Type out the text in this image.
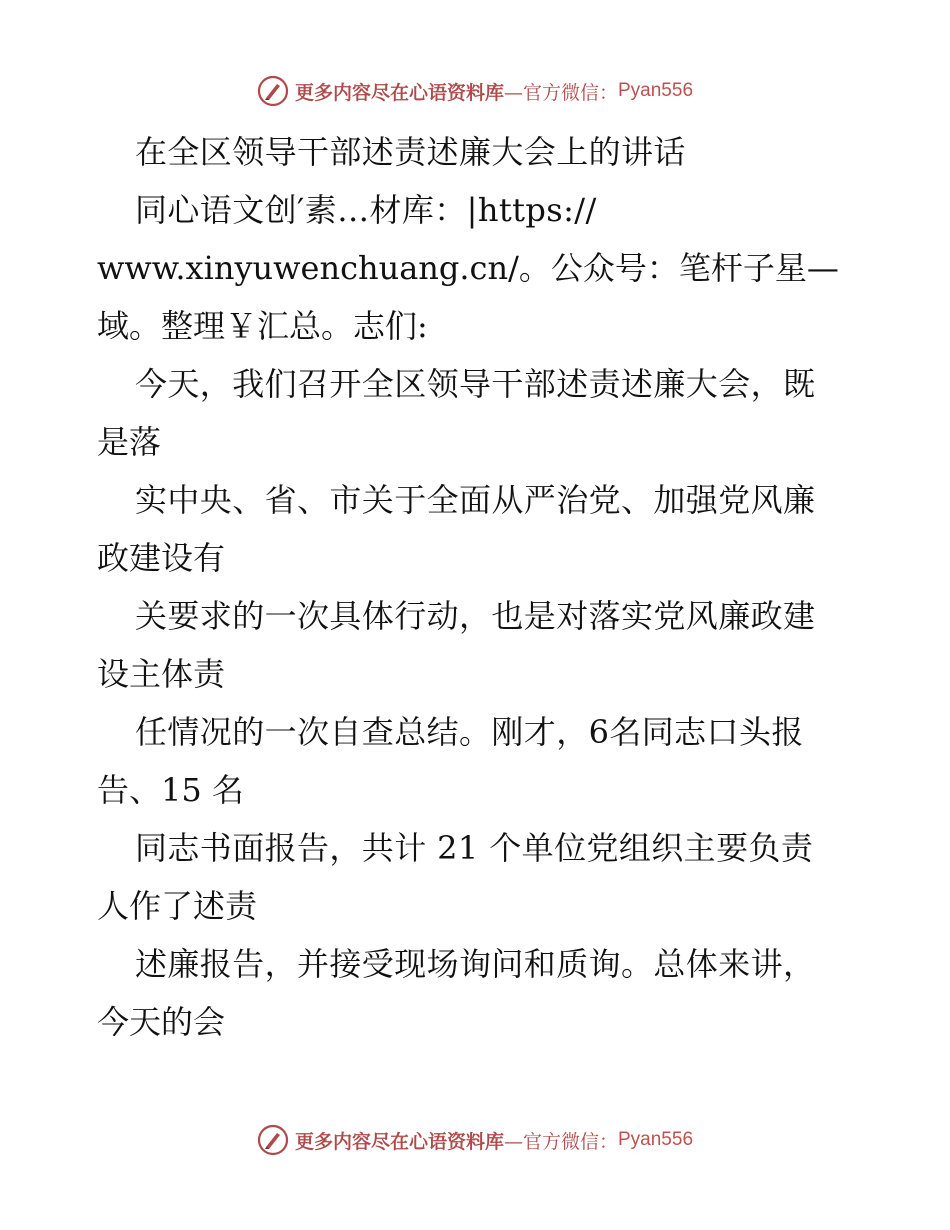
更多内容尽在心语资料库 —官方微信： Pyan556
在全区领导干部述责述廉大会上的讲话
同心语文创′素…材库：|https://
www.xinyuwenchuang.cn/。公众号：笔杆子星—
域。整理￥汇总。志们:
今天，我们召开全区领导干部述责述廉大会，既
是落
实中央、省、市关于全面从严治党、加强党风廉
政建设有
关要求的一次具体行动，也是对落实党风廉政建
设主体责
任情况的一次自查总结。刚才，6名同志口头报
告、15 名
同志书面报告，共计 21 个单位党组织主要负责
人作了述责
述廉报告，并接受现场询问和质询。总体来讲，
今天的会
更多内容尽在心语资料库 —官方微信： Pyan556
